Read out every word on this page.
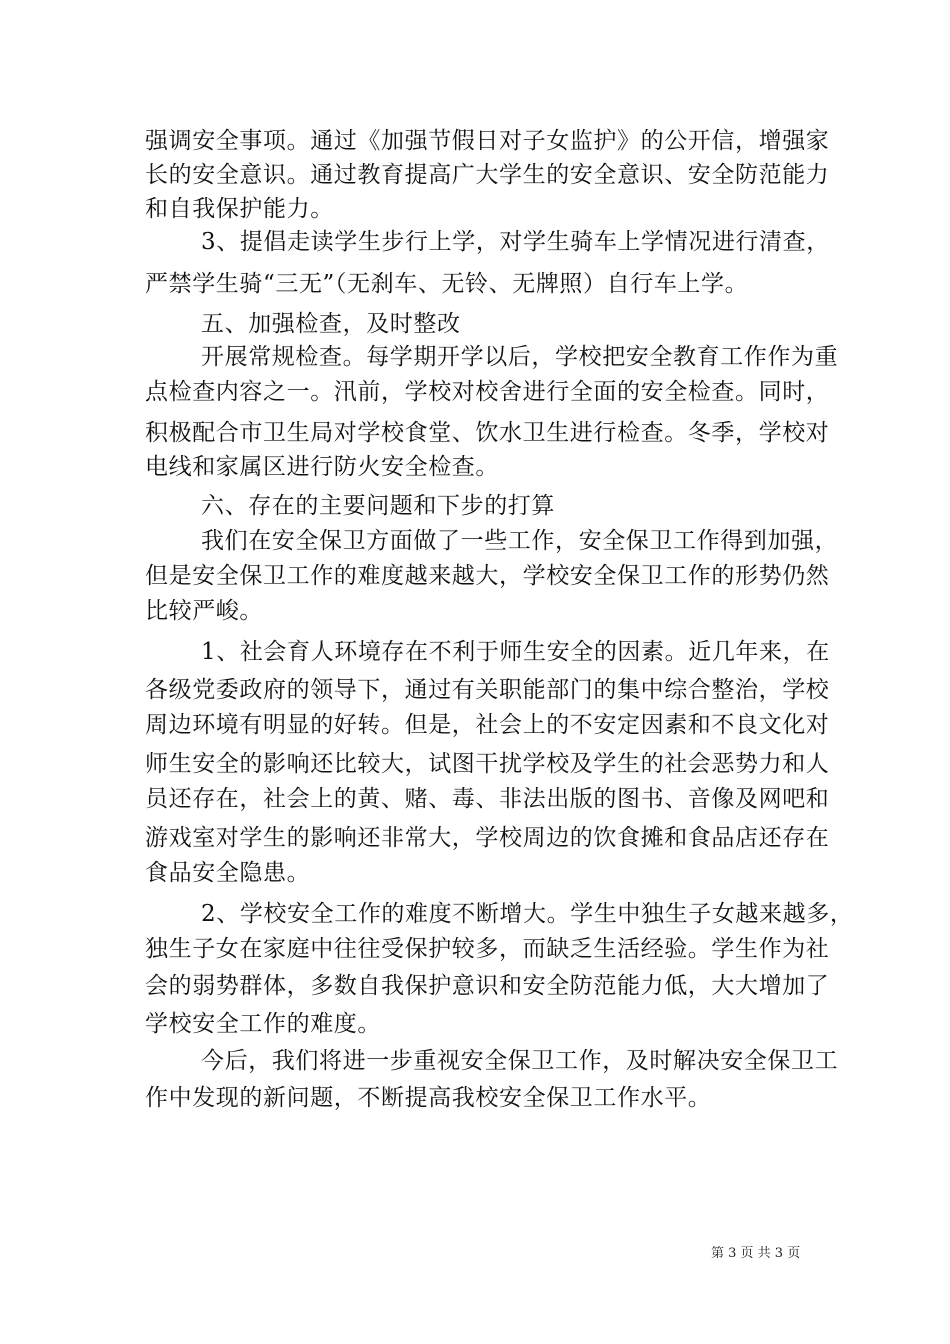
强调安全事项。通过《加强节假日对子女监护》的公开信，增强家
长的安全意识。通过教育提高广大学生的安全意识、安全防范能力
和自我保护能力。
3、提倡走读学生步行上学，对学生骑车上学情况进行清查，
严禁学生骑“三无”（无刹车、无铃、无牌照）自行车上学。
五、加强检查，及时整改
开展常规检查。每学期开学以后，学校把安全教育工作作为重
点检查内容之一。汛前，学校对校舍进行全面的安全检查。同时，
积极配合市卫生局对学校食堂、饮水卫生进行检查。冬季，学校对
电线和家属区进行防火安全检查。
六、存在的主要问题和下步的打算
我们在安全保卫方面做了一些工作，安全保卫工作得到加强，
但是安全保卫工作的难度越来越大，学校安全保卫工作的形势仍然
比较严峻。
1、社会育人环境存在不利于师生安全的因素。近几年来，在
各级党委政府的领导下，通过有关职能部门的集中综合整治，学校
周边环境有明显的好转。但是，社会上的不安定因素和不良文化对
师生安全的影响还比较大，试图干扰学校及学生的社会恶势力和人
员还存在，社会上的黄、赌、毒、非法出版的图书、音像及网吧和
游戏室对学生的影响还非常大，学校周边的饮食摊和食品店还存在
食品安全隐患。
2、学校安全工作的难度不断增大。学生中独生子女越来越多，
独生子女在家庭中往往受保护较多，而缺乏生活经验。学生作为社
会的弱势群体，多数自我保护意识和安全防范能力低，大大增加了
学校安全工作的难度。
今后，我们将进一步重视安全保卫工作，及时解决安全保卫工
作中发现的新问题，不断提高我校安全保卫工作水平。
第 3 页 共 3 页
